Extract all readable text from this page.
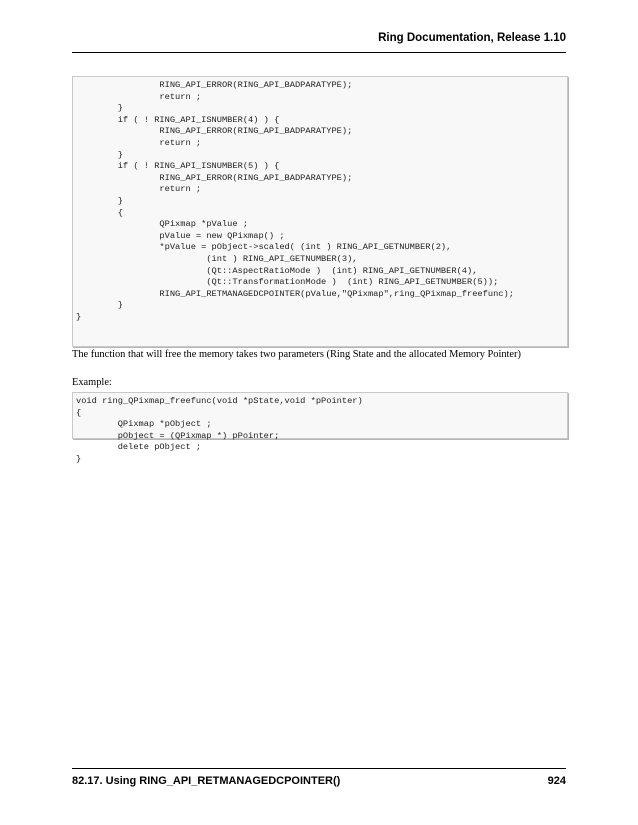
Ring Documentation, Release 1.10
RING_API_ERROR(RING_API_BADPARATYPE);
return ;
}
if ( ! RING_API_ISNUMBER(4) ) {
RING_API_ERROR(RING_API_BADPARATYPE);
return ;
}
if ( ! RING_API_ISNUMBER(5) ) {
RING_API_ERROR(RING_API_BADPARATYPE);
return ;
}
{
QPixmap *pValue ;
pValue = new QPixmap() ;
*pValue = pObject->scaled( (int ) RING_API_GETNUMBER(2),
(int ) RING_API_GETNUMBER(3),
(Qt::AspectRatioMode )  (int) RING_API_GETNUMBER(4),
(Qt::TransformationMode )  (int) RING_API_GETNUMBER(5));
RING_API_RETMANAGEDCPOINTER(pValue,"QPixmap",ring_QPixmap_freefunc);
}
}
The function that will free the memory takes two parameters (Ring State and the allocated Memory Pointer)
Example:
void ring_QPixmap_freefunc(void *pState,void *pPointer)
{
QPixmap *pObject ;
pObject = (QPixmap *) pPointer;
delete pObject ;
}
82.17. Using RING_API_RETMANAGEDCPOINTER()	924
